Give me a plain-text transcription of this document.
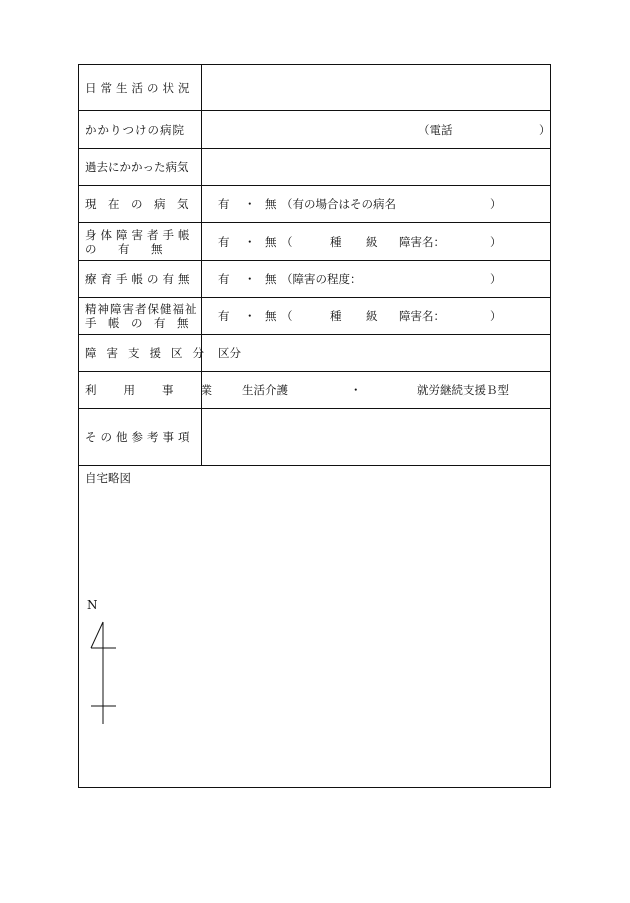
日常生活の状況
かかりつけの病院	（電話	）
過去にかかった病気
現　在　の　病　気	有 ・ 無 （有の場合はその病名	）
身体障害者手帳
の　有　無	有 ・ 無 （	種 級 障害名：	）
療育手帳の有無	有 ・ 無 （障害の程度：	）
精神障害者保健福祉
手　帳　の　有　無	有 ・ 無 （	種 級 障害名：	）
障害支援区分 区分
利用事業 生活介護	・	就労継続支援Ｂ型
その他参考事項
自宅略図
N
